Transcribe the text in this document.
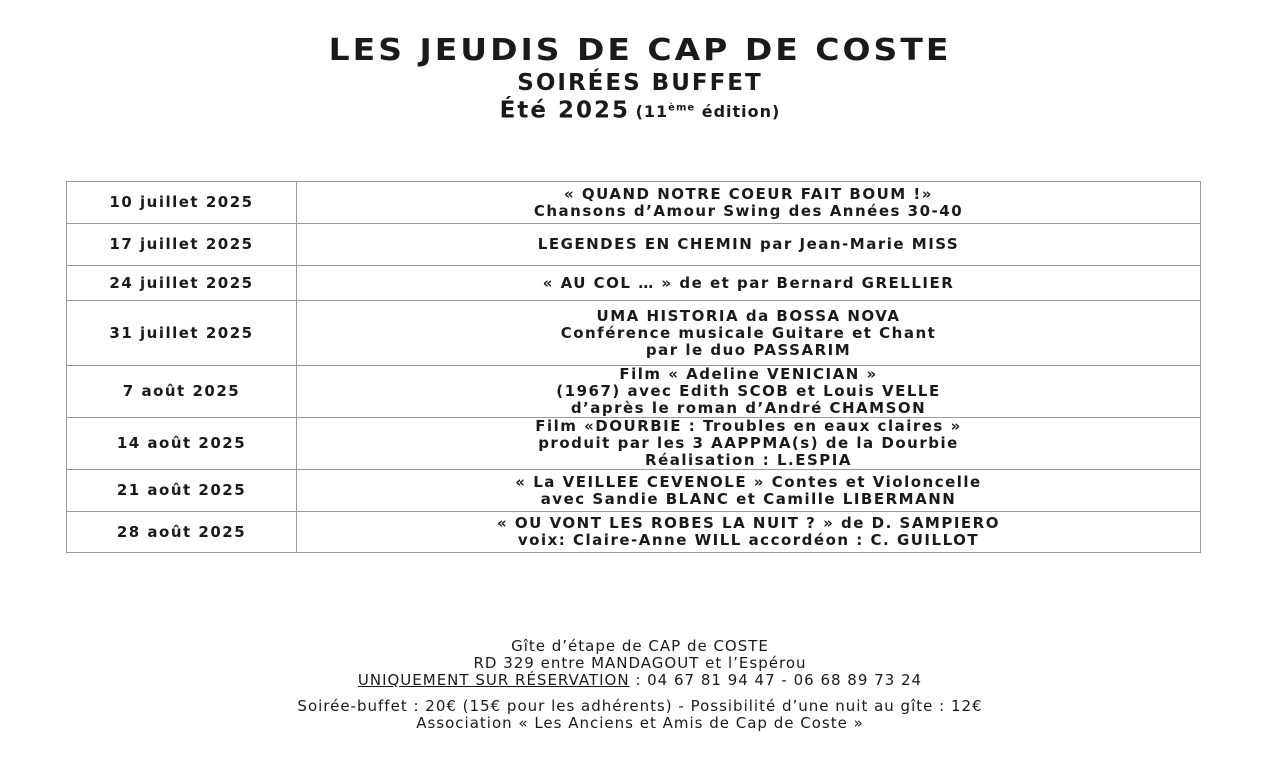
LES JEUDIS DE CAP DE COSTE

SOIRÉES BUFFET

Été 2025 (11ème édition)

10 juillet 2025	« QUAND NOTRE COEUR FAIT BOUM !»
Chansons d’Amour Swing des Années 30-40

17 juillet 2025	LEGENDES EN CHEMIN par Jean-Marie MISS

24 juillet 2025	« AU COL … » de et par Bernard GRELLIER

31 juillet 2025	UMA HISTORIA da BOSSA NOVA
Conférence musicale Guitare et Chant
par le duo PASSARIM

7 août 2025	Film « Adeline VENICIAN »
(1967) avec Edith SCOB et Louis VELLE
d’après le roman d’André CHAMSON

14 août 2025	Film «DOURBIE : Troubles en eaux claires »
produit par les 3 AAPPMA(s) de la Dourbie
Réalisation : L.ESPIA

21 août 2025	« La VEILLEE CEVENOLE » Contes et Violoncelle
avec Sandie BLANC et Camille LIBERMANN

28 août 2025	« OU VONT LES ROBES LA NUIT ? » de D. SAMPIERO
voix: Claire-Anne WILL accordéon : C. GUILLOT

Gîte d’étape de CAP de COSTE

RD 329 entre MANDAGOUT et l’Espérou

UNIQUEMENT SUR RÉSERVATION : 04 67 81 94 47 - 06 68 89 73 24

Soirée-buffet : 20€ (15€ pour les adhérents) - Possibilité d’une nuit au gîte : 12€

Association « Les Anciens et Amis de Cap de Coste »
